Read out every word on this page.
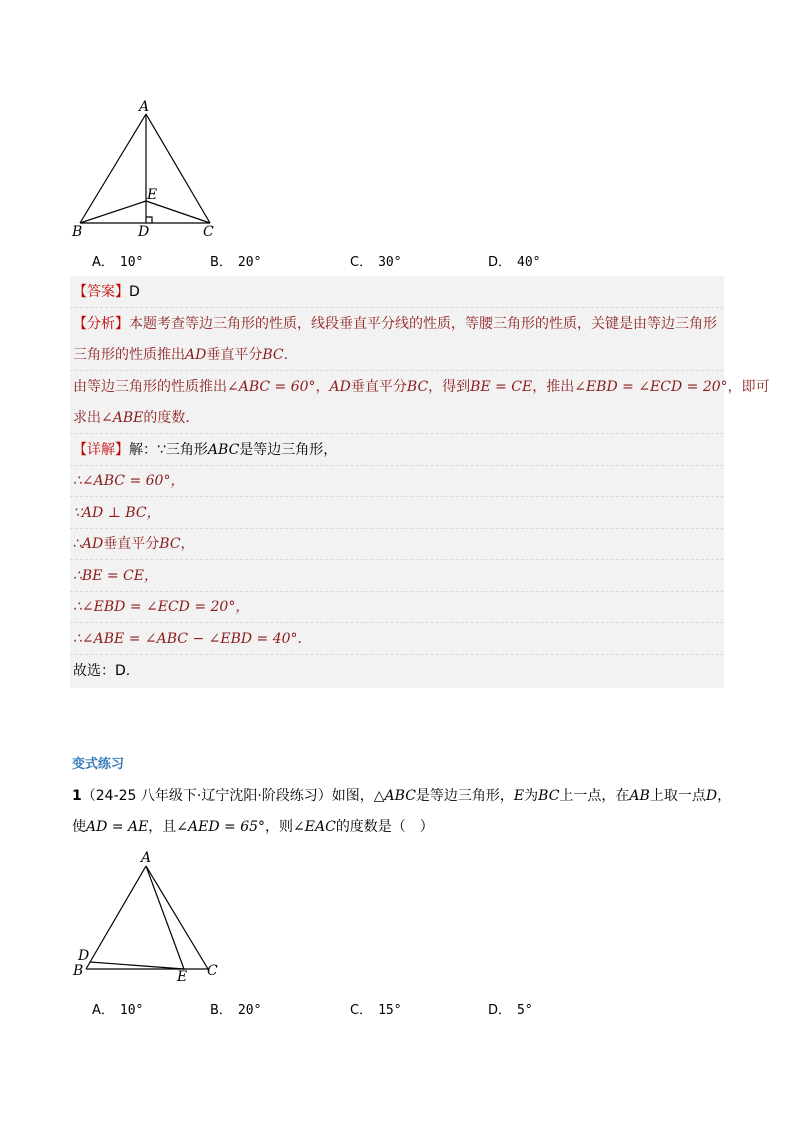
A
E
B	D	C
A． 10°	B． 20°	C． 30°	D． 40°
【答案】D
【分析】本题考查等边三角形的性质，线段垂直平分线的性质，等腰三角形的性质，关键是由等边三角形
三角形的性质推出AD垂直平分BC.
由等边三角形的性质推出∠ABC = 60°，AD垂直平分BC，得到BE = CE，推出∠EBD = ∠ECD = 20°，即可
求出∠ABE的度数．
【详解】解：∵三角形ABC是等边三角形，
∴∠ABC = 60°，
∵AD ⊥ BC，
∴AD垂直平分BC，
∴BE = CE，
∴∠EBD = ∠ECD = 20°，
∴∠ABE = ∠ABC − ∠EBD = 40°.
故选：D.
变式练习
1（24-25 八年级下·辽宁沈阳·阶段练习）如图，△ABC是等边三角形，E为BC上一点，在AB上取一点D，
使AD = AE，且∠AED = 65°，则∠EAC的度数是（　）
A
D
B	E C
A． 10°	B． 20°	C． 15°	D． 5°
